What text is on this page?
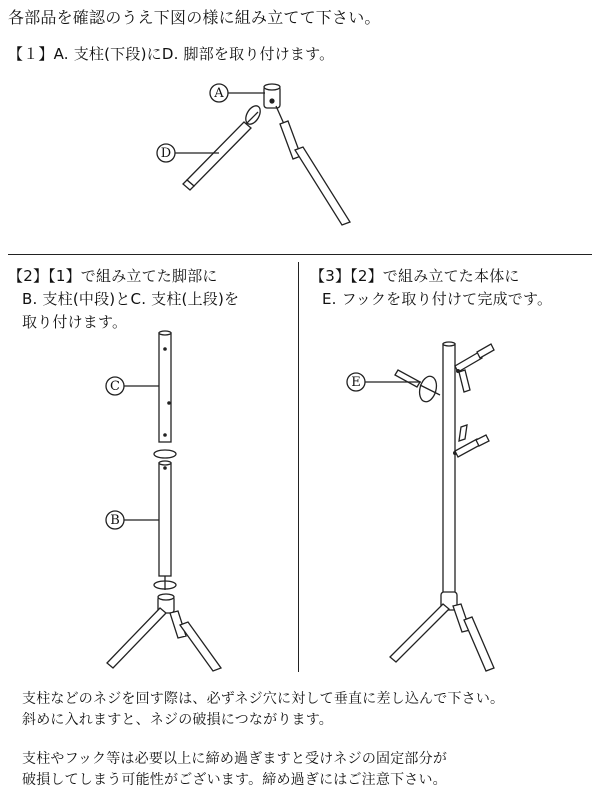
各部品を確認のうえ下図の様に組み立てて下さい。
【１】A. 支柱(下段)にD. 脚部を取り付けます。
A
D
【2】【1】で組み立てた脚部に
B. 支柱(中段)とC. 支柱(上段)を
取り付けます。
【3】【2】で組み立てた本体に
E. フックを取り付けて完成です。
C
B
E
支柱などのネジを回す際は、必ずネジ穴に対して垂直に差し込んで下さい。
斜めに入れますと、ネジの破損につながります。
支柱やフック等は必要以上に締め過ぎますと受けネジの固定部分が
破損してしまう可能性がございます。締め過ぎにはご注意下さい。
